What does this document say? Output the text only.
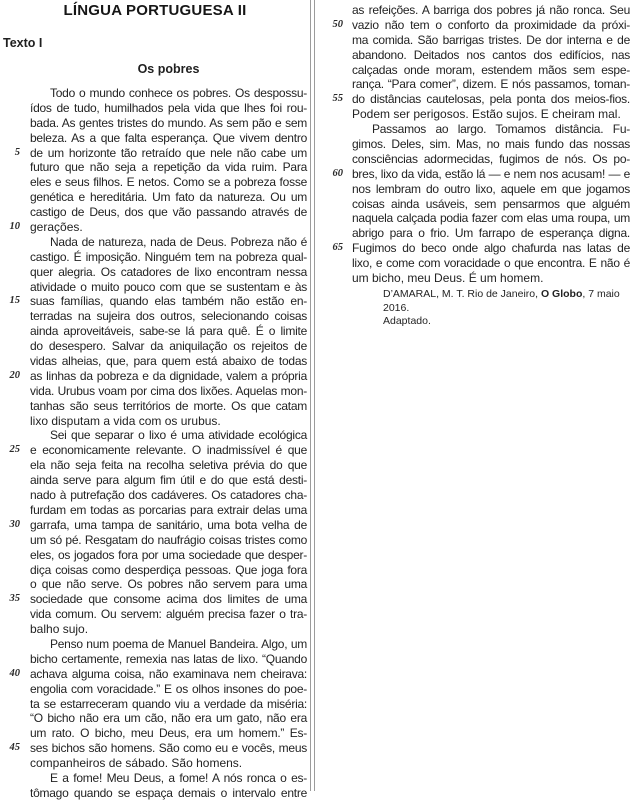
LÍNGUA PORTUGUESA II
Texto I
Os pobres
Todo o mundo conhece os pobres. Os despossu-
ídos de tudo, humilhados pela vida que lhes foi rou-
bada. As gentes tristes do mundo. As sem pão e sem
beleza. As a que falta esperança. Que vivem dentro
5 de um horizonte tão retraído que nele não cabe um
futuro que não seja a repetição da vida ruim. Para
eles e seus filhos. E netos. Como se a pobreza fosse
genética e hereditária. Um fato da natureza. Ou um
castigo de Deus, dos que vão passando através de
10 gerações.
Nada de natureza, nada de Deus. Pobreza não é
castigo. É imposição. Ninguém tem na pobreza qual-
quer alegria. Os catadores de lixo encontram nessa
atividade o muito pouco com que se sustentam e às
15 suas famílias, quando elas também não estão en-
terradas na sujeira dos outros, selecionando coisas
ainda aproveitáveis, sabe-se lá para quê. É o limite
do desespero. Salvar da aniquilação os rejeitos de
vidas alheias, que, para quem está abaixo de todas
20 as linhas da pobreza e da dignidade, valem a própria
vida. Urubus voam por cima dos lixões. Aquelas mon-
tanhas são seus territórios de morte. Os que catam
lixo disputam a vida com os urubus.
Sei que separar o lixo é uma atividade ecológica
25 e economicamente relevante. O inadmissível é que
ela não seja feita na recolha seletiva prévia do que
ainda serve para algum fim útil e do que está desti-
nado à putrefação dos cadáveres. Os catadores cha-
furdam em todas as porcarias para extrair delas uma
30 garrafa, uma tampa de sanitário, uma bota velha de
um só pé. Resgatam do naufrágio coisas tristes como
eles, os jogados fora por uma sociedade que desper-
diça coisas como desperdiça pessoas. Que joga fora
o que não serve. Os pobres não servem para uma
35 sociedade que consome acima dos limites de uma
vida comum. Ou servem: alguém precisa fazer o tra-
balho sujo.
Penso num poema de Manuel Bandeira. Algo, um
bicho certamente, remexia nas latas de lixo. “Quando
40 achava alguma coisa, não examinava nem cheirava:
engolia com voracidade.” E os olhos insones do poe-
ta se estarreceram quando viu a verdade da miséria:
“O bicho não era um cão, não era um gato, não era
um rato. O bicho, meu Deus, era um homem.” Es-
45 ses bichos são homens. São como eu e vocês, meus
companheiros de sábado. São homens.
E a fome! Meu Deus, a fome! A nós ronca o es-
tômago quando se espaça demais o intervalo entre
as refeições. A barriga dos pobres já não ronca. Seu
50 vazio não tem o conforto da proximidade da próxi-
ma comida. São barrigas tristes. De dor interna e de
abandono. Deitados nos cantos dos edifícios, nas
calçadas onde moram, estendem mãos sem espe-
rança. “Para comer”, dizem. E nós passamos, toman-
55 do distâncias cautelosas, pela ponta dos meios-fios.
Podem ser perigosos. Estão sujos. E cheiram mal.
Passamos ao largo. Tomamos distância. Fu-
gimos. Deles, sim. Mas, no mais fundo das nossas
consciências adormecidas, fugimos de nós. Os po-
60 bres, lixo da vida, estão lá — e nem nos acusam! — e
nos lembram do outro lixo, aquele em que jogamos
coisas ainda usáveis, sem pensarmos que alguém
naquela calçada podia fazer com elas uma roupa, um
abrigo para o frio. Um farrapo de esperança digna.
65 Fugimos do beco onde algo chafurda nas latas de
lixo, e come com voracidade o que encontra. E não é
um bicho, meu Deus. É um homem.
D’AMARAL, M. T. Rio de Janeiro, O Globo, 7 maio 2016.
Adaptado.
